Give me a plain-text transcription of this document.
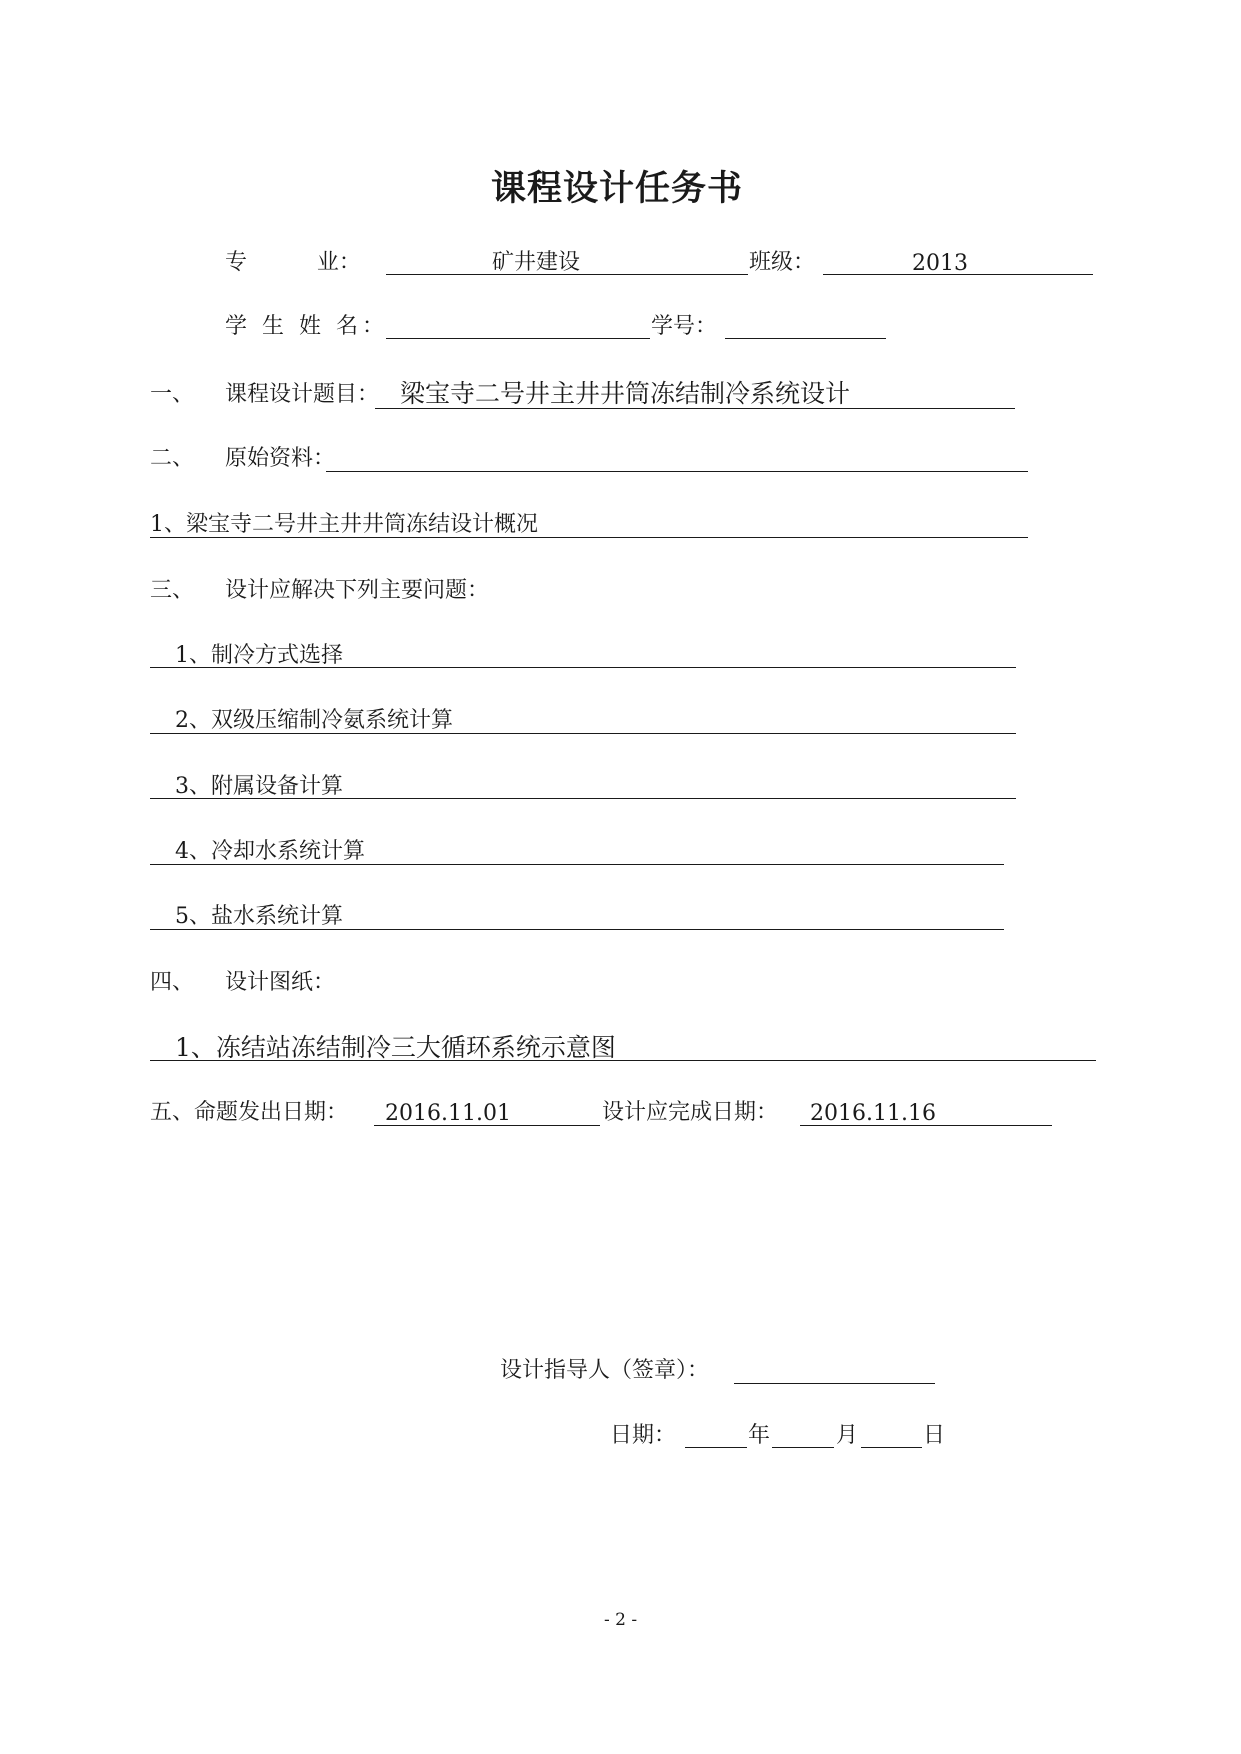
课程设计任务书
专          业：	矿井建设	班级：	2013
学 生 姓 名：	学号：
一、 课程设计题目： 梁宝寺二号井主井井筒冻结制冷系统设计
二、 原始资料：
1、梁宝寺二号井主井井筒冻结设计概况
三、 设计应解决下列主要问题：
1、制冷方式选择
2、双级压缩制冷氨系统计算
3、附属设备计算
4、冷却水系统计算
5、盐水系统计算
四、 设计图纸：
1、冻结站冻结制冷三大循环系统示意图
五、命题发出日期： 2016.11.01	设计应完成日期： 2016.11.16
设计指导人（签章）：
日期：	年	月	日
- 2 -
